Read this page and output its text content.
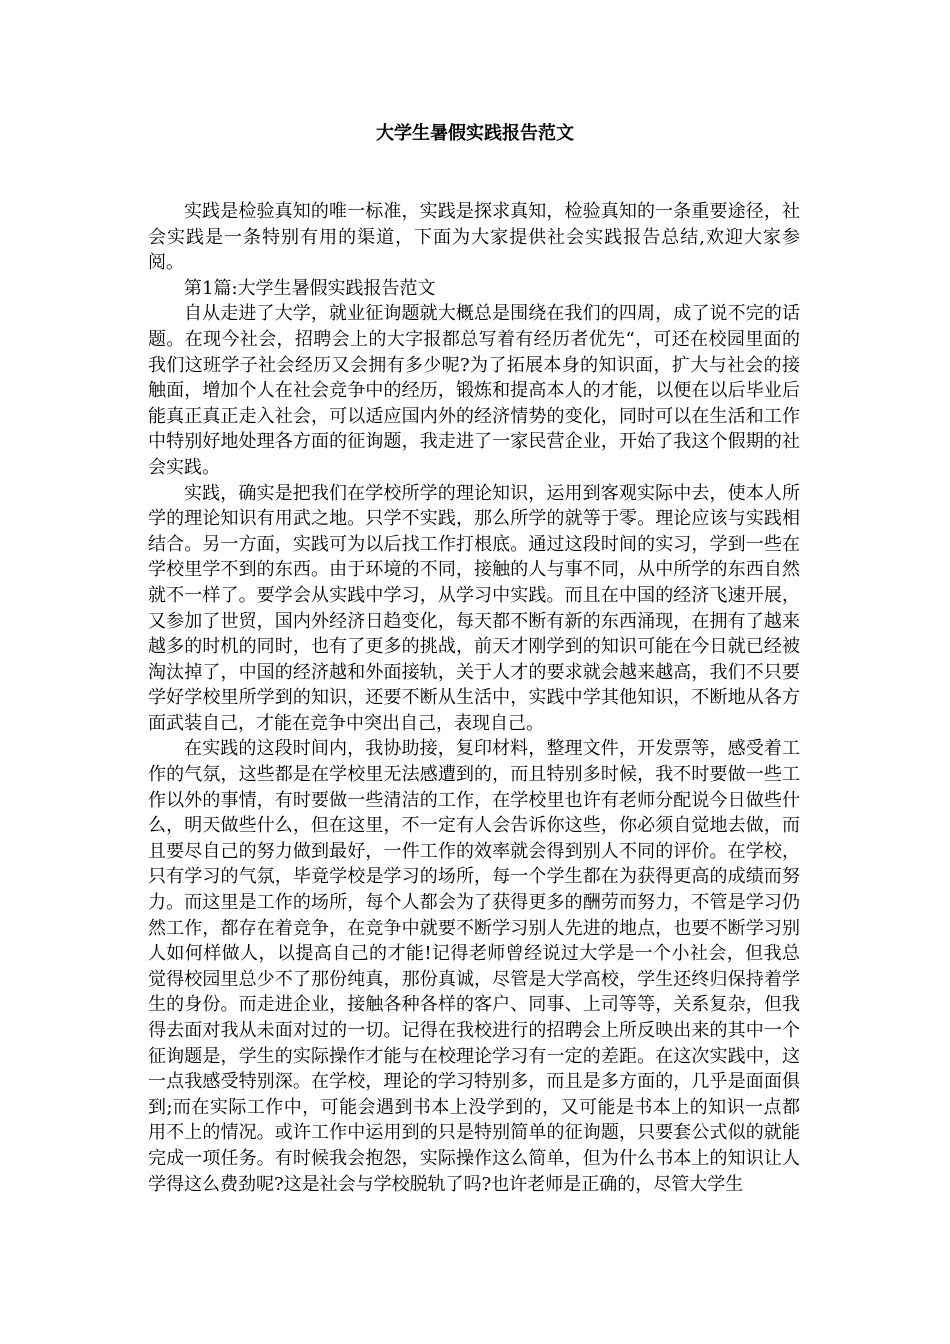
大学生暑假实践报告范文

实践是检验真知的唯一标准，实践是探求真知，检验真知的一条重要途径，社会实践是一条特别有用的渠道，下面为大家提供社会实践报告总结,欢迎大家参阅。

第1篇:大学生暑假实践报告范文

自从走进了大学，就业征询题就大概总是围绕在我们的四周，成了说不完的话题。在现今社会，招聘会上的大字报都总写着有经历者优先“，可还在校园里面的我们这班学子社会经历又会拥有多少呢?为了拓展本身的知识面，扩大与社会的接触面，增加个人在社会竞争中的经历，锻炼和提高本人的才能，以便在以后毕业后能真正真正走入社会，可以适应国内外的经济情势的变化，同时可以在生活和工作中特别好地处理各方面的征询题，我走进了一家民营企业，开始了我这个假期的社会实践。

实践，确实是把我们在学校所学的理论知识，运用到客观实际中去，使本人所学的理论知识有用武之地。只学不实践，那么所学的就等于零。理论应该与实践相结合。另一方面，实践可为以后找工作打根底。通过这段时间的实习，学到一些在学校里学不到的东西。由于环境的不同，接触的人与事不同，从中所学的东西自然就不一样了。要学会从实践中学习，从学习中实践。而且在中国的经济飞速开展，又参加了世贸，国内外经济日趋变化，每天都不断有新的东西涌现，在拥有了越来越多的时机的同时，也有了更多的挑战，前天才刚学到的知识可能在今日就已经被淘汰掉了，中国的经济越和外面接轨，关于人才的要求就会越来越高，我们不只要学好学校里所学到的知识，还要不断从生活中，实践中学其他知识，不断地从各方面武装自己，才能在竞争中突出自己，表现自己。

在实践的这段时间内，我协助接，复印材料，整理文件，开发票等，感受着工作的气氛，这些都是在学校里无法感遭到的，而且特别多时候，我不时要做一些工作以外的事情，有时要做一些清洁的工作，在学校里也许有老师分配说今日做些什么，明天做些什么，但在这里，不一定有人会告诉你这些，你必须自觉地去做，而且要尽自己的努力做到最好，一件工作的效率就会得到别人不同的评价。在学校，只有学习的气氛，毕竟学校是学习的场所，每一个学生都在为获得更高的成绩而努力。而这里是工作的场所，每个人都会为了获得更多的酬劳而努力，不管是学习仍然工作，都存在着竞争，在竞争中就要不断学习别人先进的地点，也要不断学习别人如何样做人，以提高自己的才能!记得老师曾经说过大学是一个小社会，但我总觉得校园里总少不了那份纯真，那份真诚，尽管是大学高校，学生还终归保持着学生的身份。而走进企业，接触各种各样的客户、同事、上司等等，关系复杂，但我得去面对我从未面对过的一切。记得在我校进行的招聘会上所反映出来的其中一个征询题是，学生的实际操作才能与在校理论学习有一定的差距。在这次实践中，这一点我感受特别深。在学校，理论的学习特别多，而且是多方面的，几乎是面面俱到;而在实际工作中，可能会遇到书本上没学到的，又可能是书本上的知识一点都用不上的情况。或许工作中运用到的只是特别简单的征询题，只要套公式似的就能完成一项任务。有时候我会抱怨，实际操作这么简单，但为什么书本上的知识让人学得这么费劲呢?这是社会与学校脱轨了吗?也许老师是正确的，尽管大学生
